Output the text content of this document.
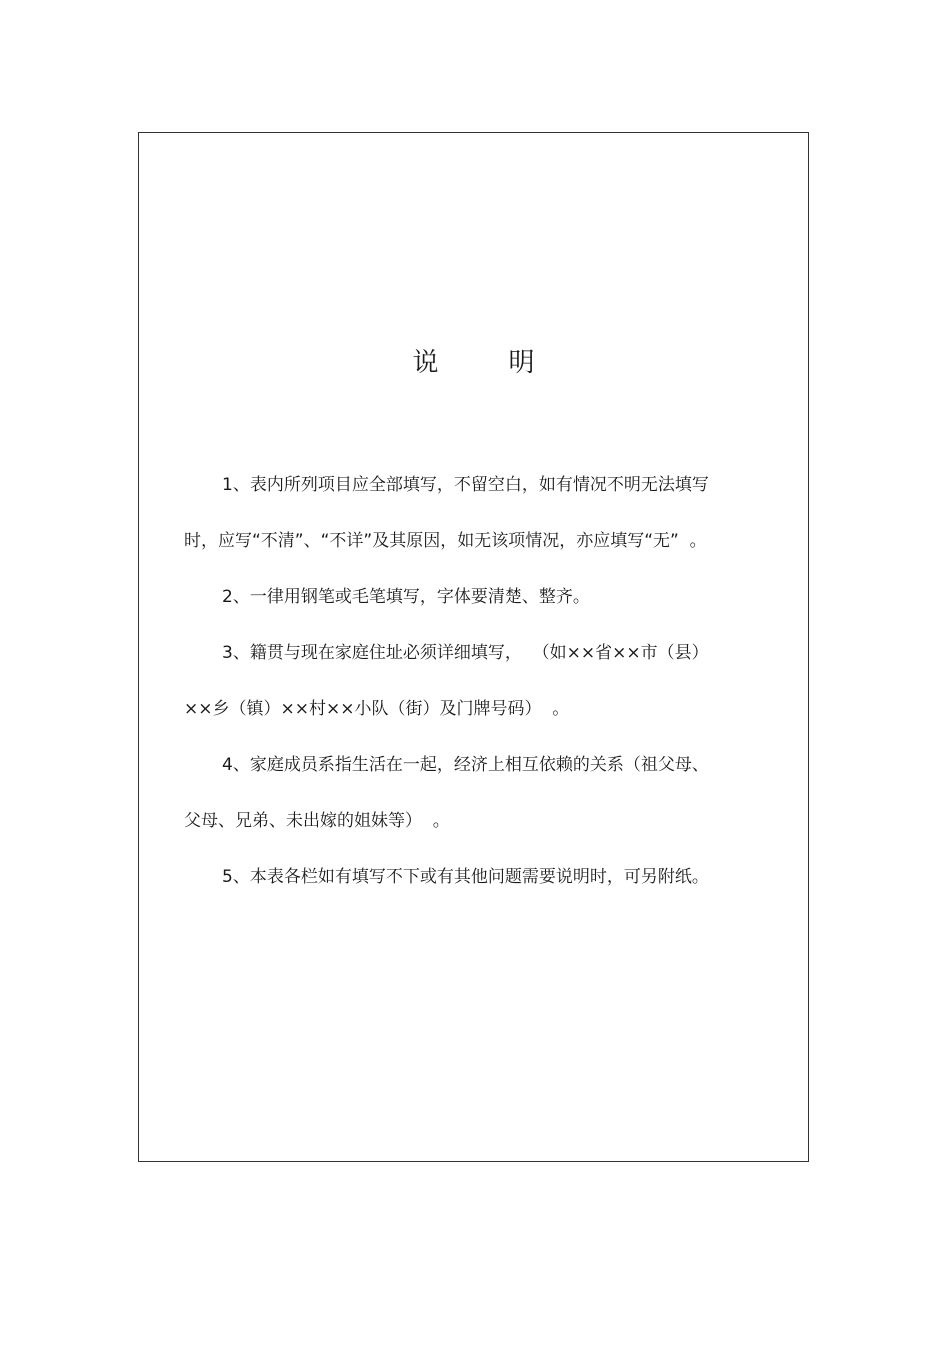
说	明

1、表内所列项目应全部填写，不留空白，如有情况不明无法填写

时，应写“不清”、“不详”及其原因，如无该项情况，亦应填写“无”  。

2、一律用钢笔或毛笔填写，字体要清楚、整齐。

3、籍贯与现在家庭住址必须详细填写，  （如××省××市（县）

××乡（镇）××村××小队（街）及门牌号码）  。

4、家庭成员系指生活在一起，经济上相互依赖的关系（祖父母、

父母、兄弟、未出嫁的姐妹等）  。

5、本表各栏如有填写不下或有其他问题需要说明时，可另附纸。
